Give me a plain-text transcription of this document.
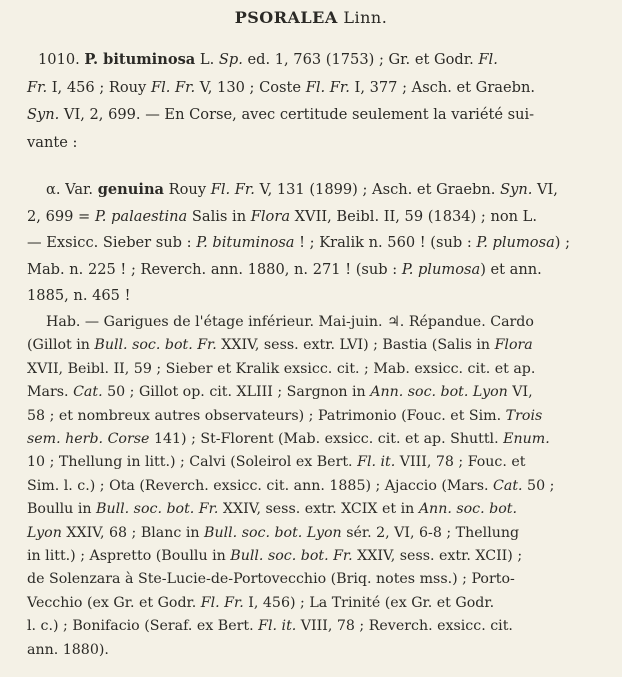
PSORALEA Linn.
1010. P. bituminosa L. Sp. ed. 1, 763 (1753) ; Gr. et Godr. Fl.
Fr. I, 456 ; Rouy Fl. Fr. V, 130 ; Coste Fl. Fr. I, 377 ; Asch. et Graebn.
Syn. VI, 2, 699. — En Corse, avec certitude seulement la variété sui-
vante :
α. Var. genuina Rouy Fl. Fr. V, 131 (1899) ; Asch. et Graebn. Syn. VI,
2, 699 = P. palaestina Salis in Flora XVII, Beibl. II, 59 (1834) ; non L.
— Exsicc. Sieber sub : P. bituminosa ! ; Kralik n. 560 ! (sub : P. plumosa) ;
Mab. n. 225 ! ; Reverch. ann. 1880, n. 271 ! (sub : P. plumosa) et ann.
1885, n. 465 !
Hab. — Garigues de l'étage inférieur. Mai-juin. ♃. Répandue. Cardo
(Gillot in Bull. soc. bot. Fr. XXIV, sess. extr. LVI) ; Bastia (Salis in Flora
XVII, Beibl. II, 59 ; Sieber et Kralik exsicc. cit. ; Mab. exsicc. cit. et ap.
Mars. Cat. 50 ; Gillot op. cit. XLIII ; Sargnon in Ann. soc. bot. Lyon VI,
58 ; et nombreux autres observateurs) ; Patrimonio (Fouc. et Sim. Trois
sem. herb. Corse 141) ; St-Florent (Mab. exsicc. cit. et ap. Shuttl. Enum.
10 ; Thellung in litt.) ; Calvi (Soleirol ex Bert. Fl. it. VIII, 78 ; Fouc. et
Sim. l. c.) ; Ota (Reverch. exsicc. cit. ann. 1885) ; Ajaccio (Mars. Cat. 50 ;
Boullu in Bull. soc. bot. Fr. XXIV, sess. extr. XCIX et in Ann. soc. bot.
Lyon XXIV, 68 ; Blanc in Bull. soc. bot. Lyon sér. 2, VI, 6-8 ; Thellung
in litt.) ; Aspretto (Boullu in Bull. soc. bot. Fr. XXIV, sess. extr. XCII) ;
de Solenzara à Ste-Lucie-de-Portovecchio (Briq. notes mss.) ; Porto-
Vecchio (ex Gr. et Godr. Fl. Fr. I, 456) ; La Trinité (ex Gr. et Godr.
l. c.) ; Bonifacio (Seraf. ex Bert. Fl. it. VIII, 78 ; Reverch. exsicc. cit.
ann. 1880).
